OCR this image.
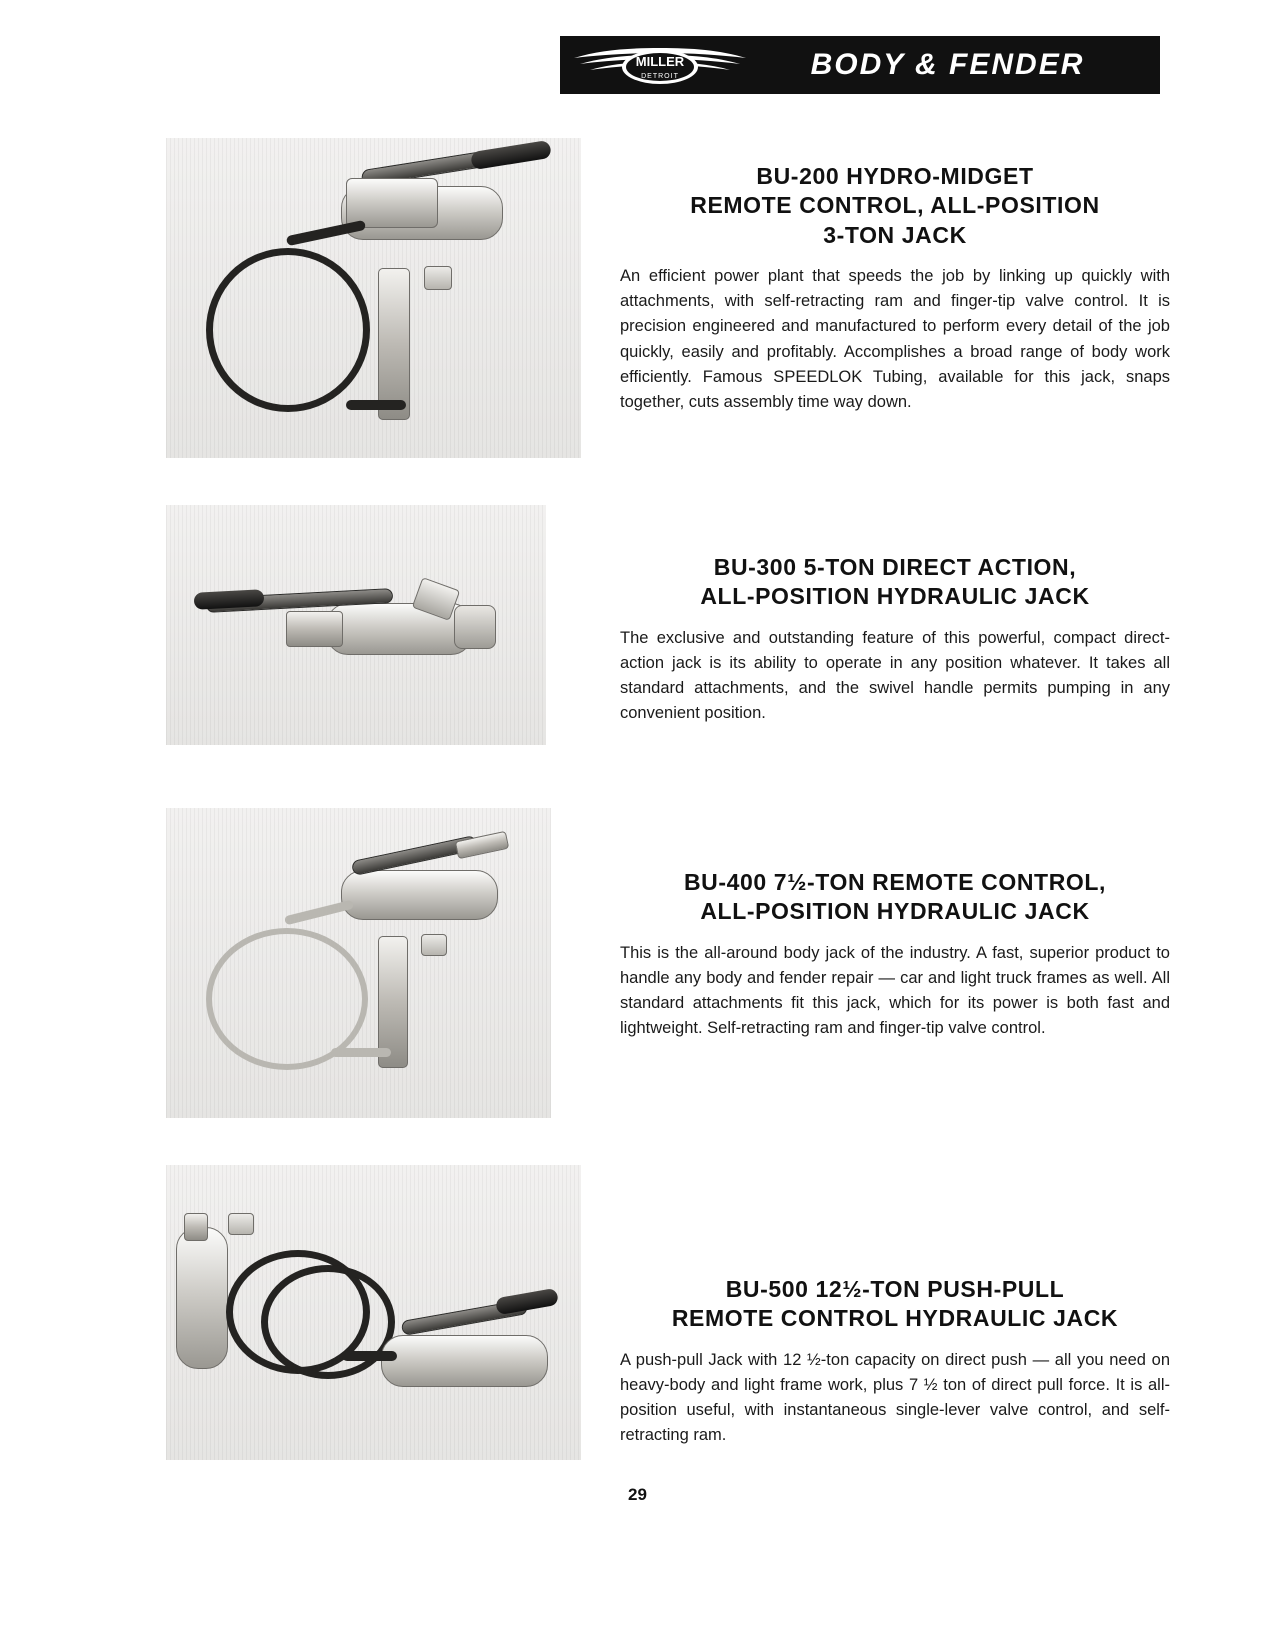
MILLER
DETROIT	BODY & FENDER
BU-200 HYDRO-MIDGET
REMOTE CONTROL, ALL-POSITION
3-TON JACK

An efficient power plant that speeds the job by linking up quickly with attachments, with self-retracting ram and finger-tip valve control. It is precision engineered and manufactured to perform every detail of the job quickly, easily and profitably. Accomplishes a broad range of body work efficiently. Famous SPEEDLOK Tubing, available for this jack, snaps together, cuts assembly time way down.

BU-300 5-TON DIRECT ACTION,
ALL-POSITION HYDRAULIC JACK

The exclusive and outstanding feature of this powerful, compact direct-action jack is its ability to operate in any position whatever. It takes all standard attachments, and the swivel handle permits pumping in any convenient position.

BU-400 7½-TON REMOTE CONTROL,
ALL-POSITION HYDRAULIC JACK

This is the all-around body jack of the industry. A fast, superior product to handle any body and fender repair — car and light truck frames as well. All standard attachments fit this jack, which for its power is both fast and lightweight. Self-retracting ram and finger-tip valve control.

BU-500 12½-TON PUSH-PULL
REMOTE CONTROL HYDRAULIC JACK

A push-pull Jack with 12 ½-ton capacity on direct push — all you need on heavy-body and light frame work, plus 7 ½ ton of direct pull force. It is all-position useful, with instantaneous single-lever valve control, and self-retracting ram.

29
